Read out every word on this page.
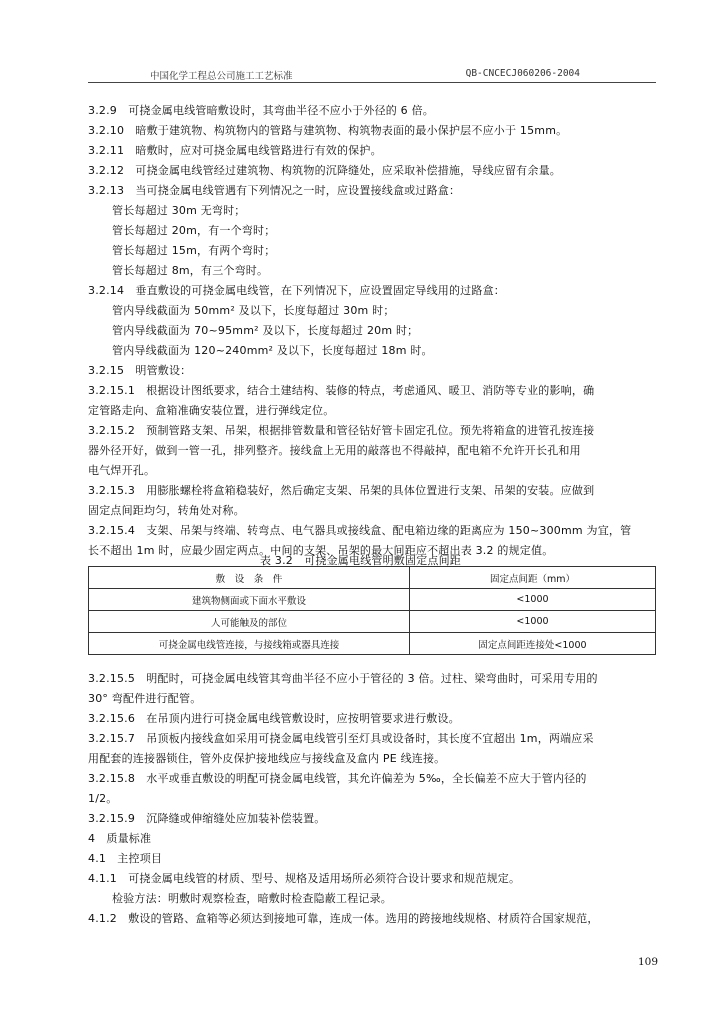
中国化学工程总公司施工工艺标准	QB-CNCECJ060206-2004
3.2.9　可挠金属电线管暗敷设时，其弯曲半径不应小于外径的 6 倍。
3.2.10　暗敷于建筑物、构筑物内的管路与建筑物、构筑物表面的最小保护层不应小于 15mm。
3.2.11　暗敷时，应对可挠金属电线管路进行有效的保护。
3.2.12　可挠金属电线管经过建筑物、构筑物的沉降缝处，应采取补偿措施，导线应留有余量。
3.2.13　当可挠金属电线管遇有下列情况之一时，应设置接线盒或过路盒：
管长每超过 30m 无弯时；
管长每超过 20m，有一个弯时；
管长每超过 15m，有两个弯时；
管长每超过 8m，有三个弯时。
3.2.14　垂直敷设的可挠金属电线管，在下列情况下，应设置固定导线用的过路盒：
管内导线截面为 50mm² 及以下，长度每超过 30m 时；
管内导线截面为 70~95mm² 及以下，长度每超过 20m 时；
管内导线截面为 120~240mm² 及以下，长度每超过 18m 时。
3.2.15　明管敷设：
3.2.15.1　根据设计图纸要求，结合土建结构、装修的特点，考虑通风、暖卫、消防等专业的影响，确
定管路走向、盒箱准确安装位置，进行弹线定位。
3.2.15.2　预制管路支架、吊架，根据排管数量和管径钻好管卡固定孔位。预先将箱盒的进管孔按连接
器外径开好，做到一管一孔，排列整齐。接线盒上无用的敲落也不得敲掉，配电箱不允许开长孔和用
电气焊开孔。
3.2.15.3　用膨胀螺栓将盒箱稳装好，然后确定支架、吊架的具体位置进行支架、吊架的安装。应做到
固定点间距均匀，转角处对称。
3.2.15.4　支架、吊架与终端、转弯点、电气器具或接线盒、配电箱边缘的距离应为 150~300mm 为宜，管
长不超出 1m 时，应最少固定两点。中间的支架、吊架的最大间距应不超出表 3.2 的规定值。
表 3.2　可挠金属电线管明敷固定点间距
敷　设　条　件	固定点间距（mm）
建筑物侧面或下面水平敷设	<1000
人可能触及的部位	<1000
可挠金属电线管连接，与接线箱或器具连接	固定点间距连接处<1000
3.2.15.5　明配时，可挠金属电线管其弯曲半径不应小于管径的 3 倍。过柱、梁弯曲时，可采用专用的
30° 弯配件进行配管。
3.2.15.6　在吊顶内进行可挠金属电线管敷设时，应按明管要求进行敷设。
3.2.15.7　吊顶板内接线盒如采用可挠金属电线管引至灯具或设备时，其长度不宜超出 1m，两端应采
用配套的连接器锁住，管外皮保护接地线应与接线盒及盒内 PE 线连接。
3.2.15.8　水平或垂直敷设的明配可挠金属电线管，其允许偏差为 5‰，全长偏差不应大于管内径的
1/2。
3.2.15.9　沉降缝或伸缩缝处应加装补偿装置。
4　质量标准
4.1　主控项目
4.1.1　可挠金属电线管的材质、型号、规格及适用场所必须符合设计要求和规范规定。
检验方法：明敷时观察检查，暗敷时检查隐蔽工程记录。
4.1.2　敷设的管路、盒箱等必须达到接地可靠，连成一体。选用的跨接地线规格、材质符合国家规范，
109
